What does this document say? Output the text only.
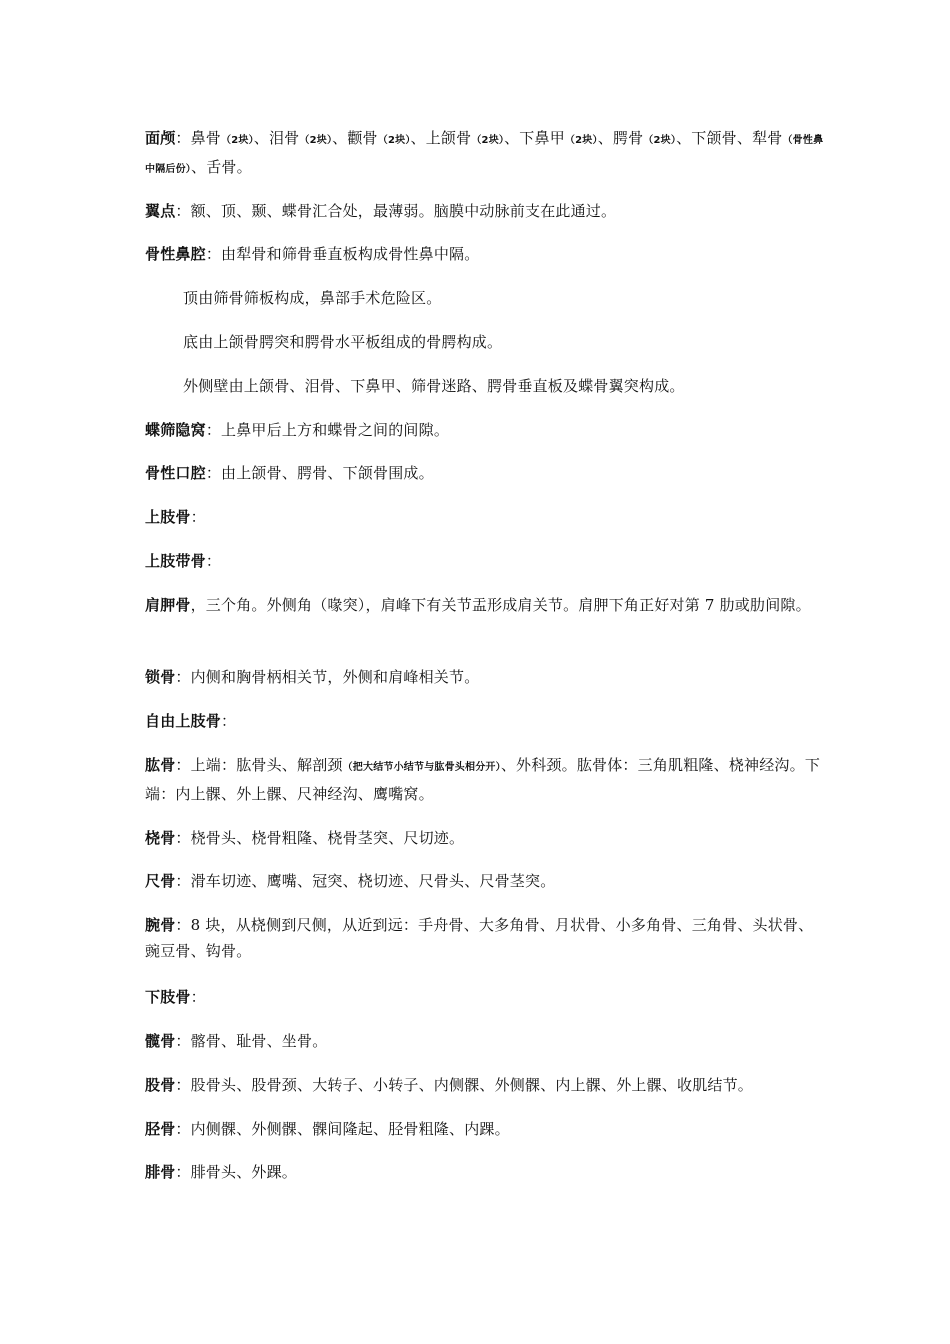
面颅：鼻骨（2块）、泪骨（2块）、颧骨（2块）、上颌骨（2块）、下鼻甲（2块）、腭骨（2块）、下颌骨、犁骨（骨性鼻中隔后份）、舌骨。

翼点：额、顶、颞、蝶骨汇合处，最薄弱。脑膜中动脉前支在此通过。

骨性鼻腔：由犁骨和筛骨垂直板构成骨性鼻中隔。

顶由筛骨筛板构成，鼻部手术危险区。

底由上颌骨腭突和腭骨水平板组成的骨腭构成。

外侧壁由上颌骨、泪骨、下鼻甲、筛骨迷路、腭骨垂直板及蝶骨翼突构成。

蝶筛隐窝：上鼻甲后上方和蝶骨之间的间隙。

骨性口腔：由上颌骨、腭骨、下颌骨围成。

上肢骨：

上肢带骨：

肩胛骨，三个角。外侧角（喙突），肩峰下有关节盂形成肩关节。肩胛下角正好对第 7 肋或肋间隙。

锁骨：内侧和胸骨柄相关节，外侧和肩峰相关节。

自由上肢骨：

肱骨：上端：肱骨头、解剖颈（把大结节小结节与肱骨头相分开）、外科颈。肱骨体：三角肌粗隆、桡神经沟。下端：内上髁、外上髁、尺神经沟、鹰嘴窝。

桡骨：桡骨头、桡骨粗隆、桡骨茎突、尺切迹。

尺骨：滑车切迹、鹰嘴、冠突、桡切迹、尺骨头、尺骨茎突。

腕骨：8 块，从桡侧到尺侧，从近到远：手舟骨、大多角骨、月状骨、小多角骨、三角骨、头状骨、豌豆骨、钩骨。

下肢骨：

髋骨：髂骨、耻骨、坐骨。

股骨：股骨头、股骨颈、大转子、小转子、内侧髁、外侧髁、内上髁、外上髁、收肌结节。

胫骨：内侧髁、外侧髁、髁间隆起、胫骨粗隆、内踝。

腓骨：腓骨头、外踝。
